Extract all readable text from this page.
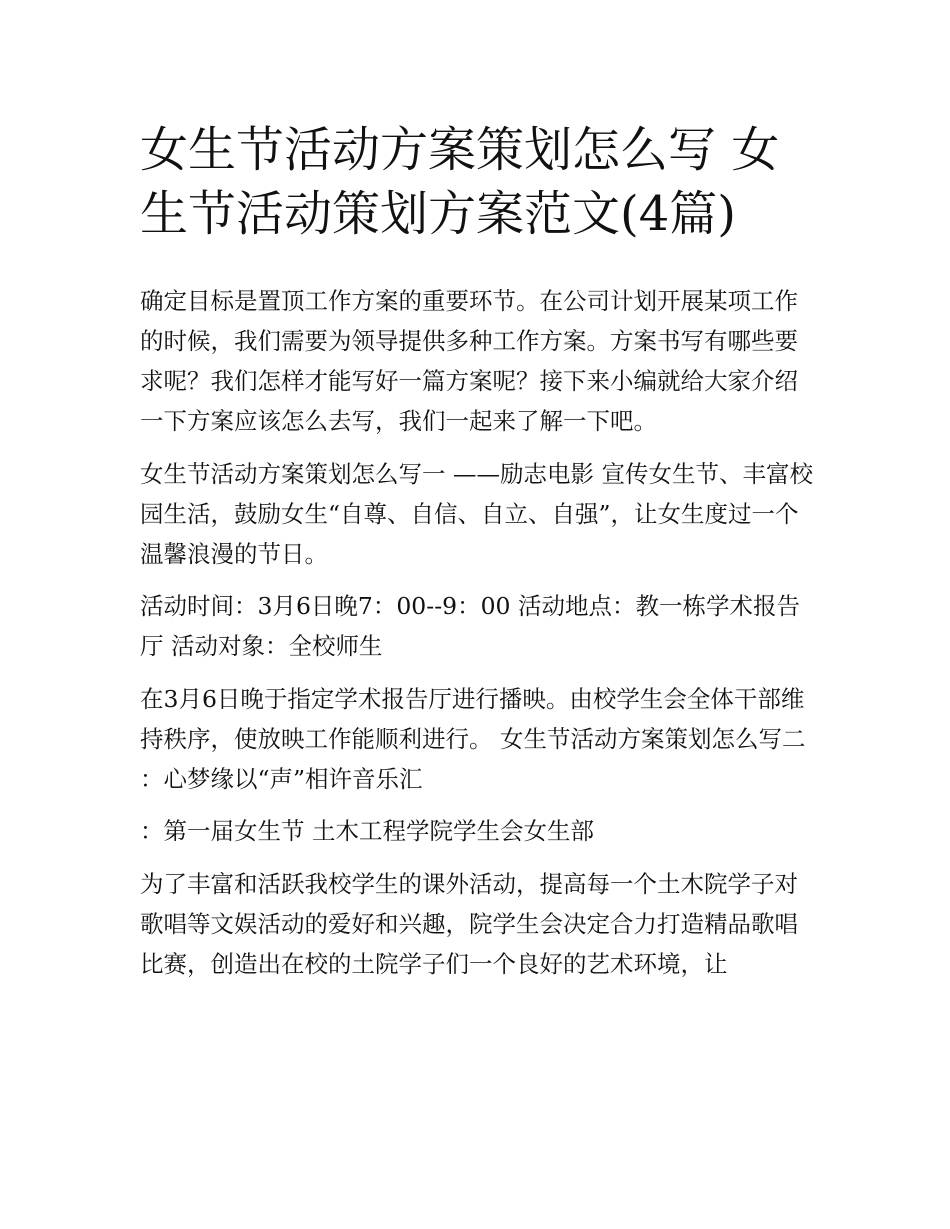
女生节活动方案策划怎么写 女生节活动策划方案范文(4篇)

确定目标是置顶工作方案的重要环节。在公司计划开展某项工作的时候，我们需要为领导提供多种工作方案。方案书写有哪些要求呢？我们怎样才能写好一篇方案呢？接下来小编就给大家介绍一下方案应该怎么去写，我们一起来了解一下吧。

女生节活动方案策划怎么写一 ——励志电影 宣传女生节、丰富校园生活，鼓励女生“自尊、自信、自立、自强”，让女生度过一个温馨浪漫的节日。

活动时间：3月6日晚7：00--9：00 活动地点：教一栋学术报告厅 活动对象：全校师生

在3月6日晚于指定学术报告厅进行播映。由校学生会全体干部维持秩序，使放映工作能顺利进行。 女生节活动方案策划怎么写二 ：心梦缘以“声”相许音乐汇

：第一届女生节 土木工程学院学生会女生部

为了丰富和活跃我校学生的课外活动，提高每一个土木院学子对歌唱等文娱活动的爱好和兴趣，院学生会决定合力打造精品歌唱比赛，创造出在校的土院学子们一个良好的艺术环境，让
